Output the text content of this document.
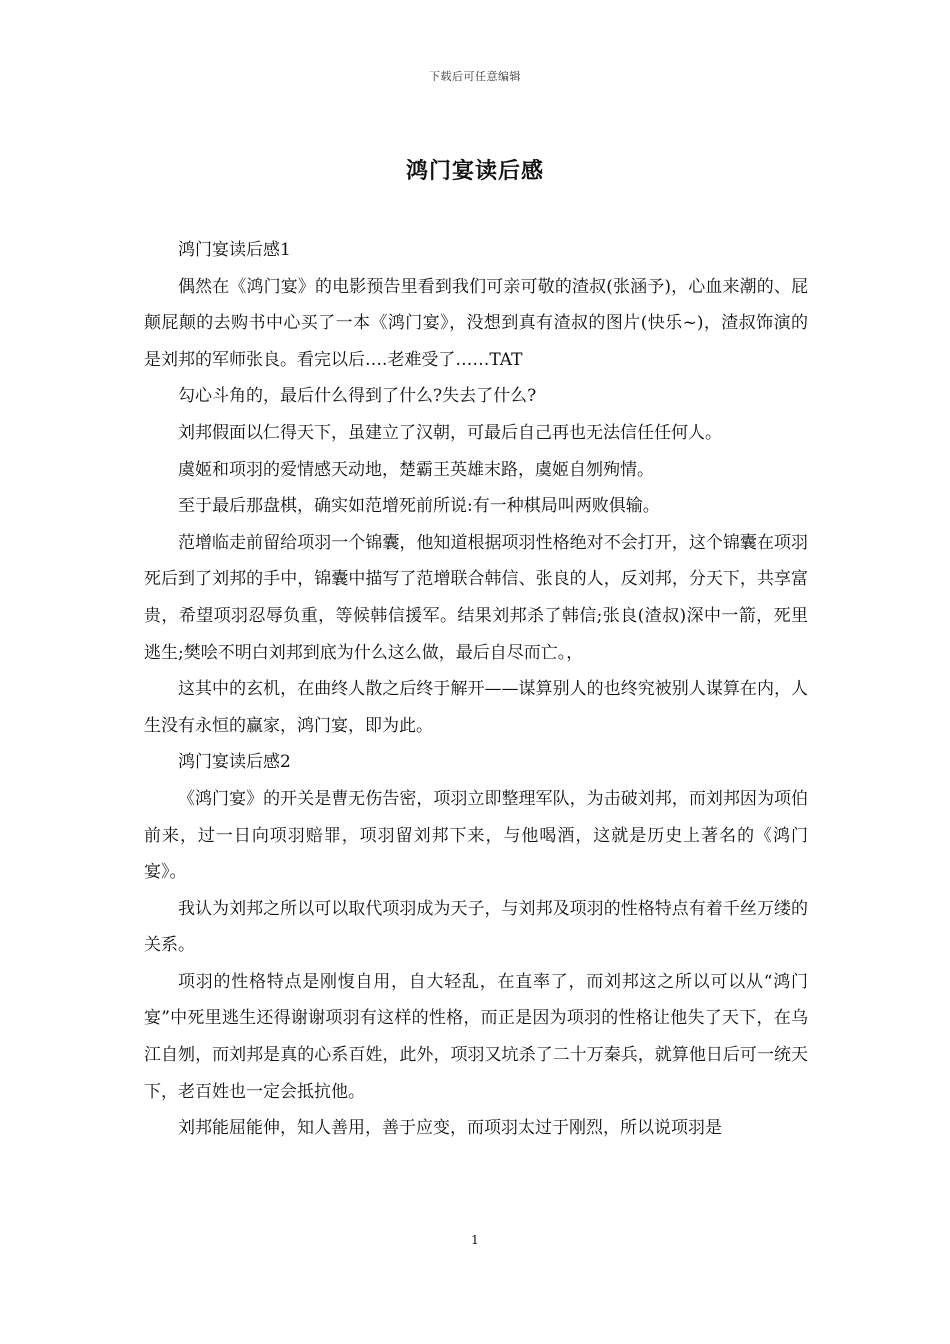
下载后可任意编辑
鸿门宴读后感

鸿门宴读后感1

偶然在《鸿门宴》的电影预告里看到我们可亲可敬的渣叔(张涵予)，心血来潮的、屁颠屁颠的去购书中心买了一本《鸿门宴》，没想到真有渣叔的图片(快乐~)，渣叔饰演的是刘邦的军师张良。看完以后….老难受了……TAT

勾心斗角的，最后什么得到了什么?失去了什么?

刘邦假面以仁得天下，虽建立了汉朝，可最后自己再也无法信任任何人。

虞姬和项羽的爱情感天动地，楚霸王英雄末路，虞姬自刎殉情。

至于最后那盘棋，确实如范增死前所说:有一种棋局叫两败俱输。

范增临走前留给项羽一个锦囊，他知道根据项羽性格绝对不会打开，这个锦囊在项羽死后到了刘邦的手中，锦囊中描写了范增联合韩信、张良的人，反刘邦，分天下，共享富贵，希望项羽忍辱负重，等候韩信援军。结果刘邦杀了韩信;张良(渣叔)深中一箭，死里逃生;樊哙不明白刘邦到底为什么这么做，最后自尽而亡。，

这其中的玄机，在曲终人散之后终于解开——谋算别人的也终究被别人谋算在内，人生没有永恒的赢家，鸿门宴，即为此。

鸿门宴读后感2

《鸿门宴》的开关是曹无伤告密，项羽立即整理军队，为击破刘邦，而刘邦因为项伯前来，过一日向项羽赔罪，项羽留刘邦下来，与他喝酒，这就是历史上著名的《鸿门宴》。

我认为刘邦之所以可以取代项羽成为天子，与刘邦及项羽的性格特点有着千丝万缕的关系。

项羽的性格特点是刚愎自用，自大轻乱，在直率了，而刘邦这之所以可以从“鸿门宴”中死里逃生还得谢谢项羽有这样的性格，而正是因为项羽的性格让他失了天下，在乌江自刎，而刘邦是真的心系百姓，此外，项羽又坑杀了二十万秦兵，就算他日后可一统天下，老百姓也一定会抵抗他。

刘邦能屈能伸，知人善用，善于应变，而项羽太过于刚烈，所以说项羽是

1
